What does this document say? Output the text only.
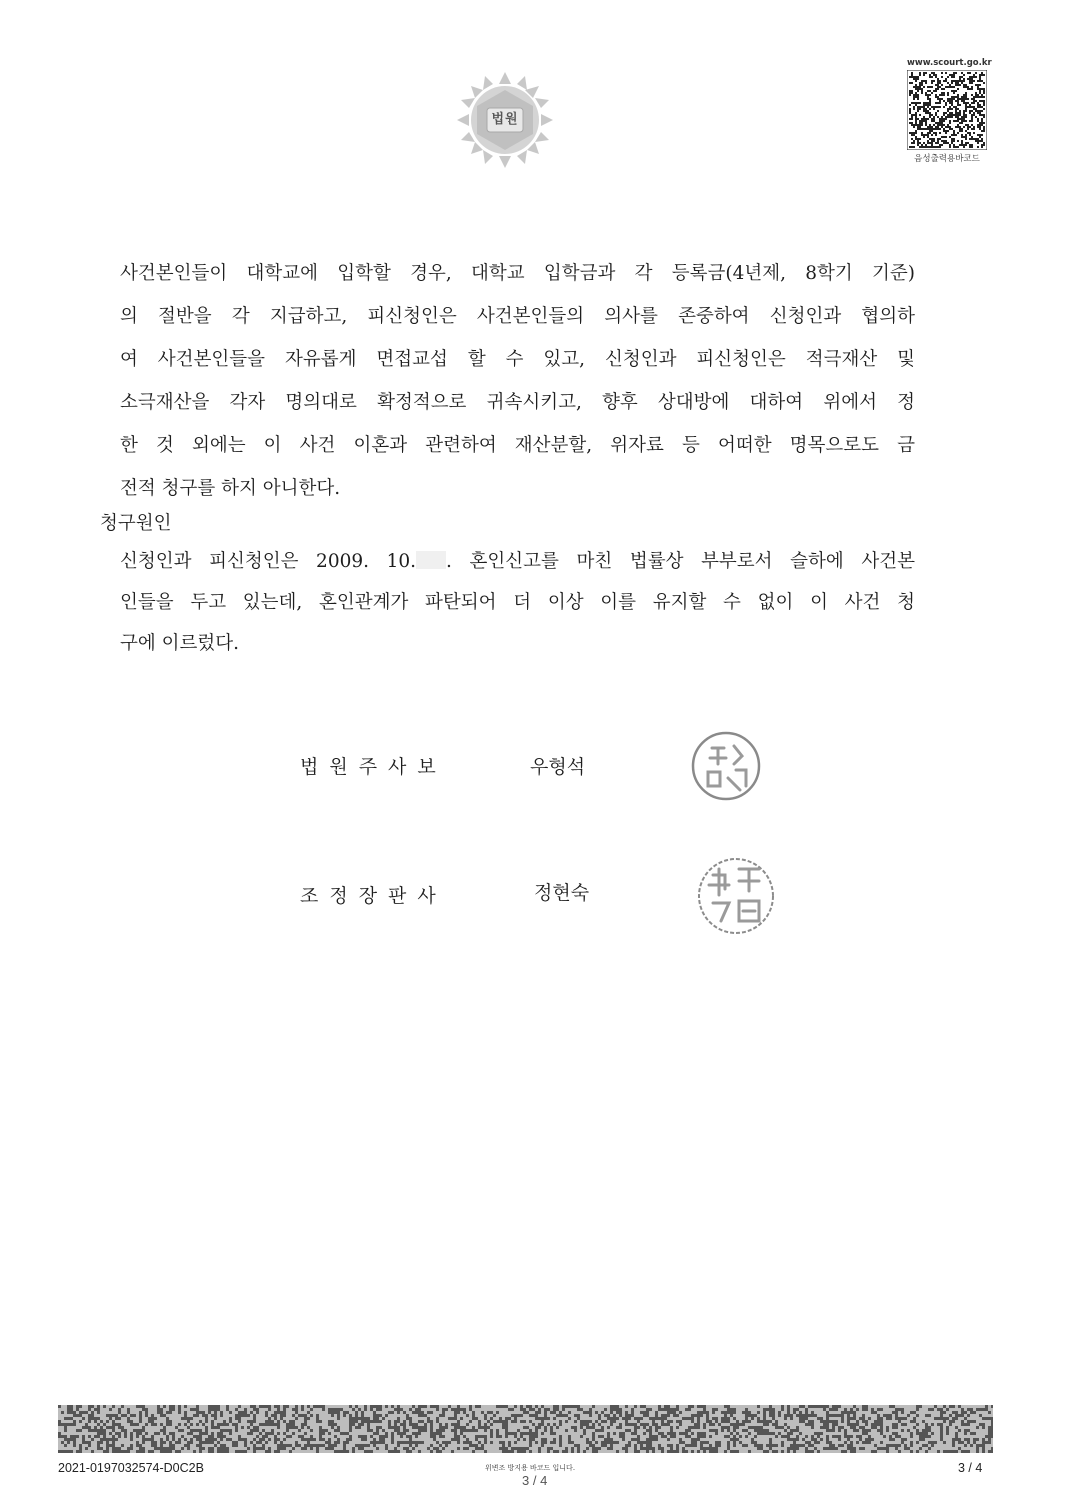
법원
www.scourt.go.kr
음성출력용바코드
사건본인들이 대학교에 입학할 경우, 대학교 입학금과 각 등록금(4년제, 8학기 기준)
의 절반을 각 지급하고, 피신청인은 사건본인들의 의사를 존중하여 신청인과 협의하
여 사건본인들을 자유롭게 면접교섭 할 수 있고, 신청인과 피신청인은 적극재산 및
소극재산을 각자 명의대로 확정적으로 귀속시키고, 향후 상대방에 대하여 위에서 정
한 것 외에는 이 사건 이혼과 관련하여 재산분할, 위자료 등 어떠한 명목으로도 금
전적 청구를 하지 아니한다.
청구원인
신청인과 피신청인은 2009. 10. . 혼인신고를 마친 법률상 부부로서 슬하에 사건본
인들을 두고 있는데, 혼인관계가 파탄되어 더 이상 이를 유지할 수 없이 이 사건 청
구에 이르렀다.
법원주사보	우형석
조정장판사	정현숙
2021-0197032574-D0C2B	위변조 방지용 바코드 입니다.
3 / 4
3 / 4
